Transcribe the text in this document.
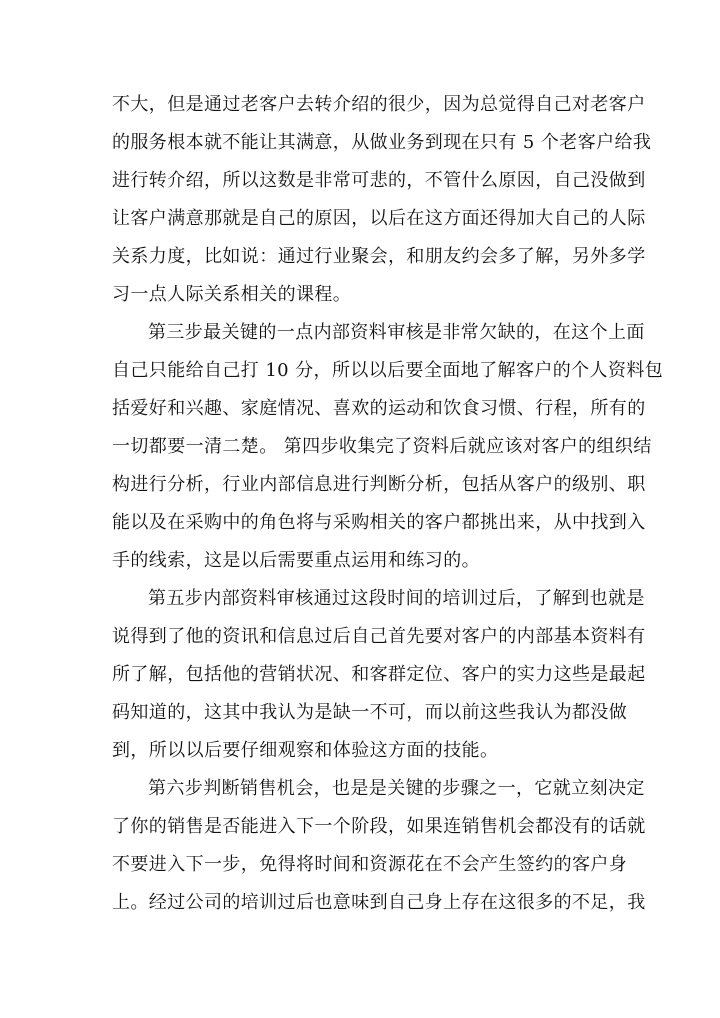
不大，但是通过老客户去转介绍的很少，因为总觉得自己对老客户
的服务根本就不能让其满意，从做业务到现在只有 5 个老客户给我
进行转介绍，所以这数是非常可悲的，不管什么原因，自己没做到
让客户满意那就是自己的原因，以后在这方面还得加大自己的人际
关系力度，比如说：通过行业聚会，和朋友约会多了解，另外多学
习一点人际关系相关的课程。
第三步最关键的一点内部资料审核是非常欠缺的，在这个上面
自己只能给自己打 10 分，所以以后要全面地了解客户的个人资料包
括爱好和兴趣、家庭情况、喜欢的运动和饮食习惯、行程，所有的
一切都要一清二楚。 第四步收集完了资料后就应该对客户的组织结
构进行分析，行业内部信息进行判断分析，包括从客户的级别、职
能以及在采购中的角色将与采购相关的客户都挑出来，从中找到入
手的线索，这是以后需要重点运用和练习的。
第五步内部资料审核通过这段时间的培训过后，了解到也就是
说得到了他的资讯和信息过后自己首先要对客户的内部基本资料有
所了解，包括他的营销状况、和客群定位、客户的实力这些是最起
码知道的，这其中我认为是缺一不可，而以前这些我认为都没做
到，所以以后要仔细观察和体验这方面的技能。
第六步判断销售机会，也是是关键的步骤之一，它就立刻决定
了你的销售是否能进入下一个阶段，如果连销售机会都没有的话就
不要进入下一步，免得将时间和资源花在不会产生签约的客户身
上。经过公司的培训过后也意味到自己身上存在这很多的不足，我
